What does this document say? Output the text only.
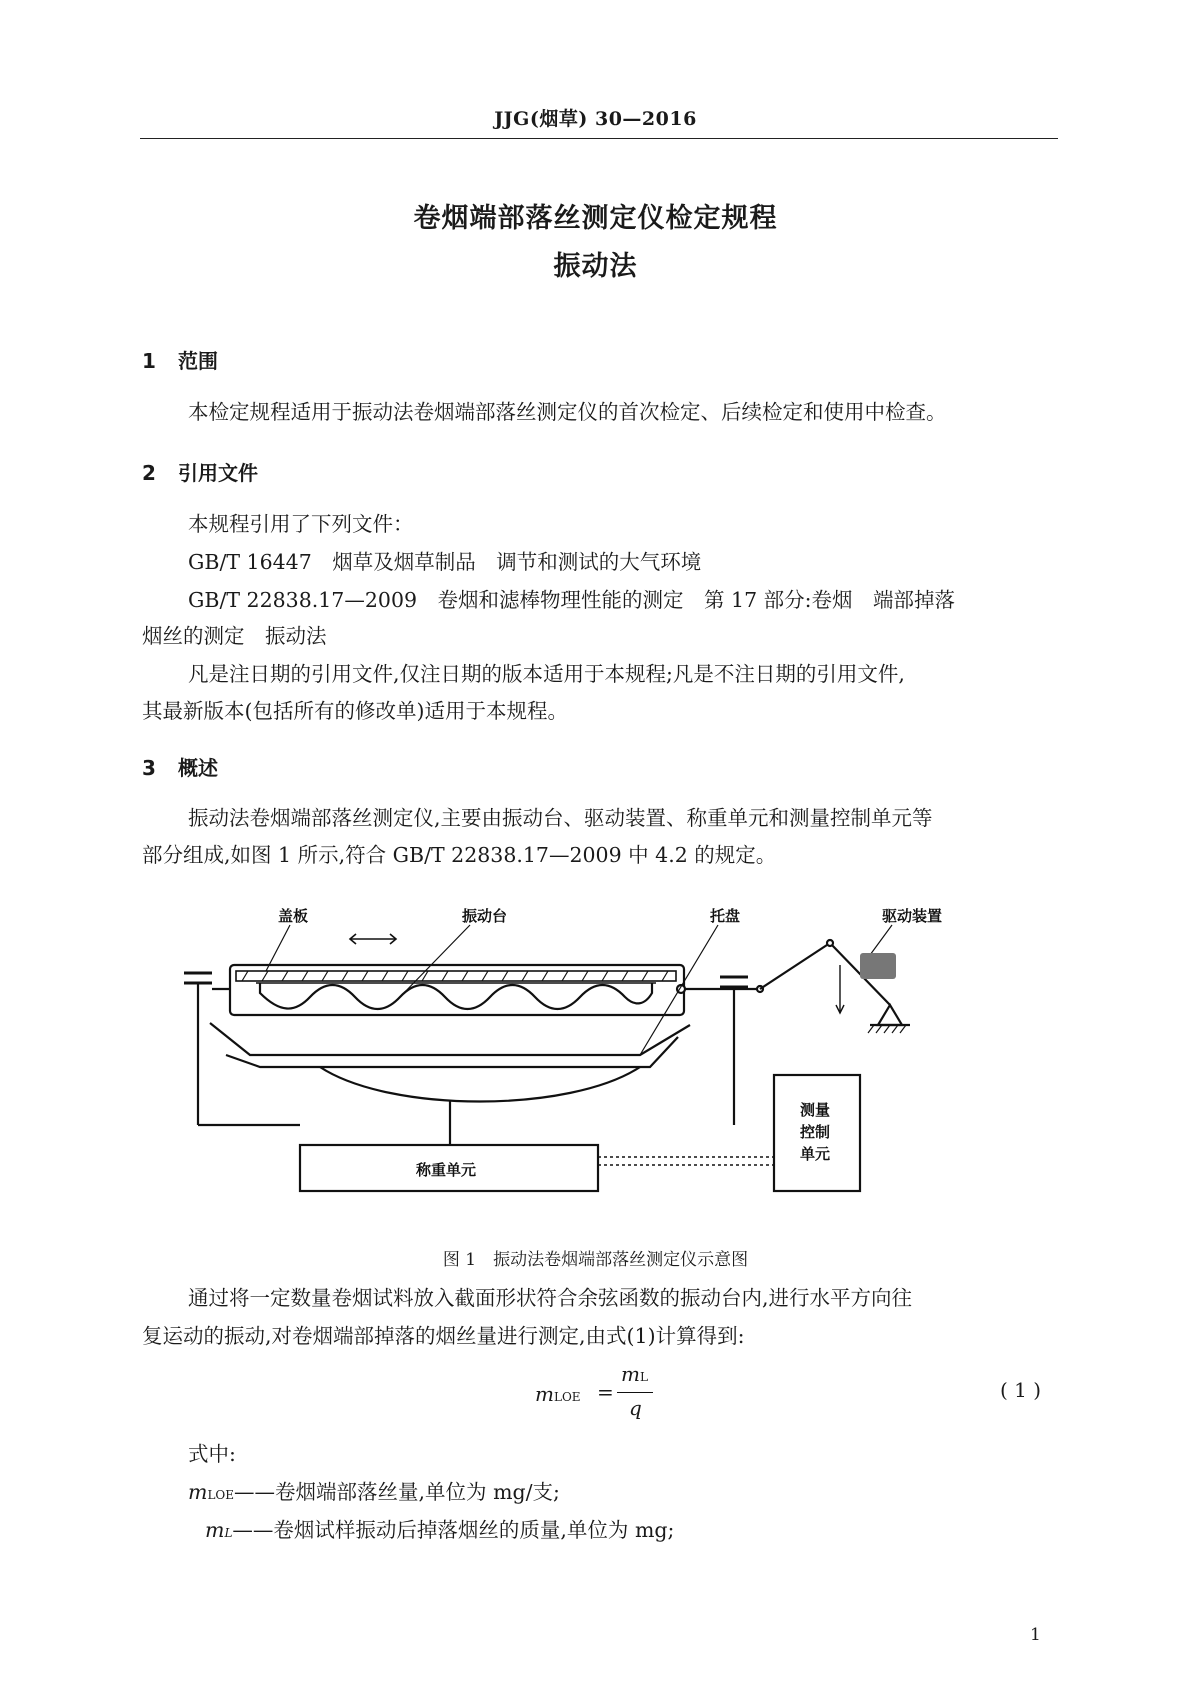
JJG(烟草) 30—2016
卷烟端部落丝测定仪检定规程
振动法
1 范围
本检定规程适用于振动法卷烟端部落丝测定仪的首次检定、后续检定和使用中检查。
2 引用文件
本规程引用了下列文件：
GB/T 16447　烟草及烟草制品　调节和测试的大气环境
GB/T 22838.17—2009　卷烟和滤棒物理性能的测定　第 17 部分:卷烟　端部掉落
烟丝的测定　振动法
凡是注日期的引用文件,仅注日期的版本适用于本规程;凡是不注日期的引用文件,
其最新版本(包括所有的修改单)适用于本规程。
3 概述
振动法卷烟端部落丝测定仪,主要由振动台、驱动装置、称重单元和测量控制单元等
部分组成,如图 1 所示,符合 GB/T 22838.17—2009 中 4.2 的规定。
盖板	振动台	托盘	驱动装置
称重单元
测量
控制
单元
图 1　振动法卷烟端部落丝测定仪示意图
通过将一定数量卷烟试料放入截面形状符合余弦函数的振动台内,进行水平方向往
复运动的振动,对卷烟端部掉落的烟丝量进行测定,由式(1)计算得到:
mLOE =
mL
q
( 1 )
式中:
mLOE——卷烟端部落丝量,单位为 mg/支;
mL——卷烟试样振动后掉落烟丝的质量,单位为 mg;
1
